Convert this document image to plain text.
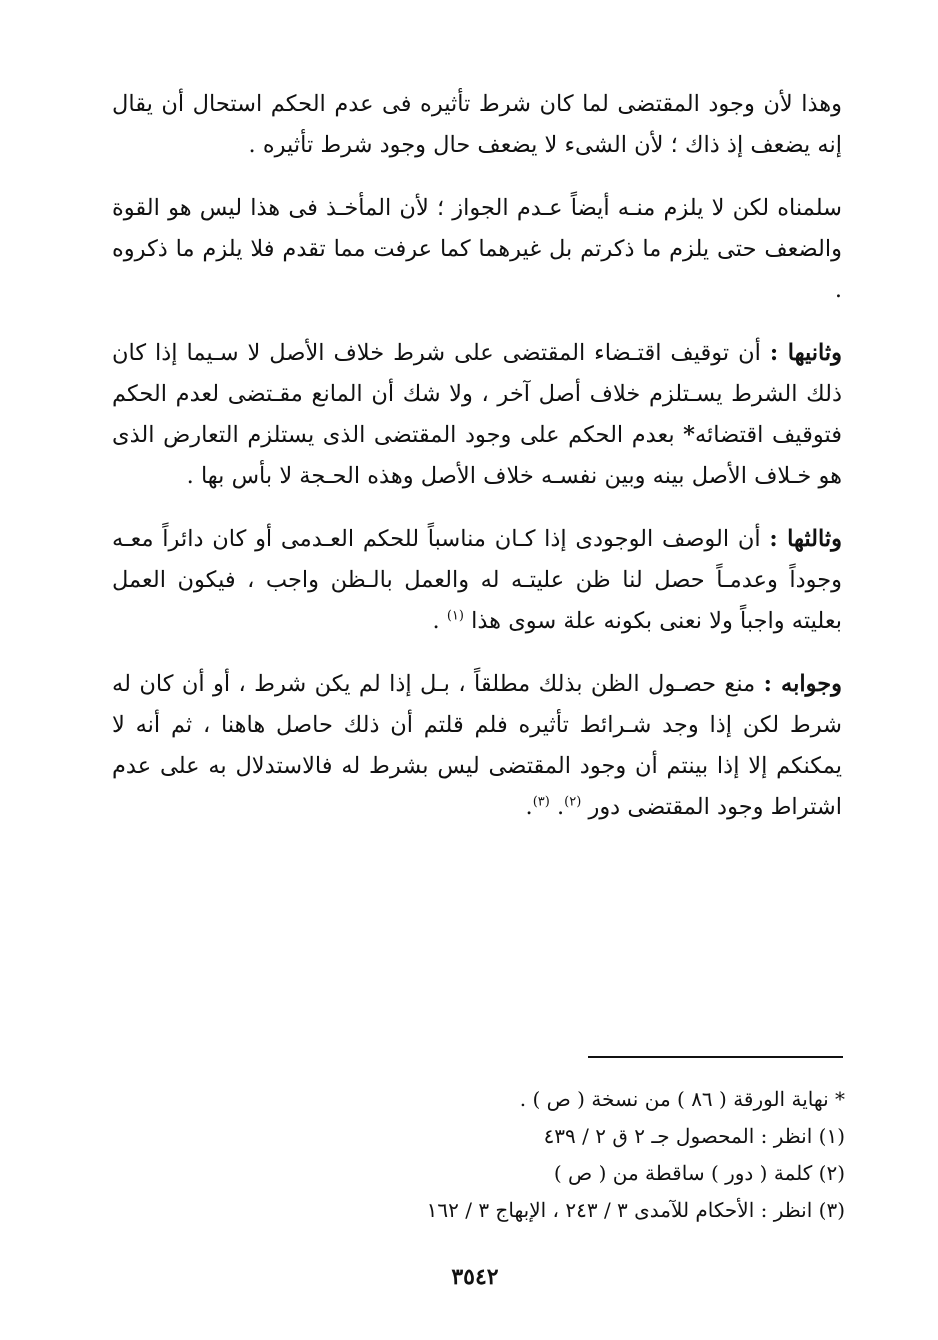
وهذا لأن وجود المقتضى لما كان شرط تأثيره فى عدم الحكم استحال أن يقال إنه يضعف إذ ذاك ؛ لأن الشىء لا يضعف حال وجود شرط تأثيره .

سلمناه لكن لا يلزم منـه أيضاً عـدم الجواز ؛ لأن المأخـذ فى هذا ليس هو القوة والضعف حتى يلزم ما ذكرتم بل غيرهما كما عرفت مما تقدم فلا يلزم ما ذكروه .

وثانيها : أن توقيف اقتـضاء المقتضى على شرط خلاف الأصل لا سـيما إذا كان ذلك الشرط يسـتلزم خلاف أصل آخر ، ولا شك أن المانع مقـتضى لعدم الحكم فتوقيف اقتضائه* بعدم الحكم على وجود المقتضى الذى يستلزم التعارض الذى هو خـلاف الأصل بينه وبين نفسـه خلاف الأصل وهذه الحـجة لا بأس بها .

وثالثها : أن الوصف الوجودى إذا كـان مناسباً للحكم العـدمى أو كان دائراً معـه وجوداً وعدمـاً حصل لنا ظن عليتـه له والعمل بالـظن واجب ، فيكون العمل بعليته واجباً ولا نعنى بكونه علة سوى هذا $^{(١)}$ .

وجوابه : منع حصـول الظن بذلك مطلقاً ، بـل إذا لم يكن شرط ، أو أن كان له شرط لكن إذا وجد شـرائط تأثيره فلم قلتم أن ذلك حاصل هاهنا ، ثم أنه لا يمكنكم إلا إذا بينتم أن وجود المقتضى ليس بشرط له فالاستدلال به على عدم اشتراط وجود المقتضى دور $^{(٢)}$. $^{(٣)}$.

* نهاية الورقة ( ٨٦ ) من نسخة ( ص ) .

(١) انظر : المحصول جـ ٢ ق ٢ / ٤٣٩

(٢) كلمة ( دور ) ساقطة من ( ص )

(٣) انظر : الأحكام للآمدى ٣ / ٢٤٣ ، الإبهاج ٣ / ١٦٢

٣٥٤٢
